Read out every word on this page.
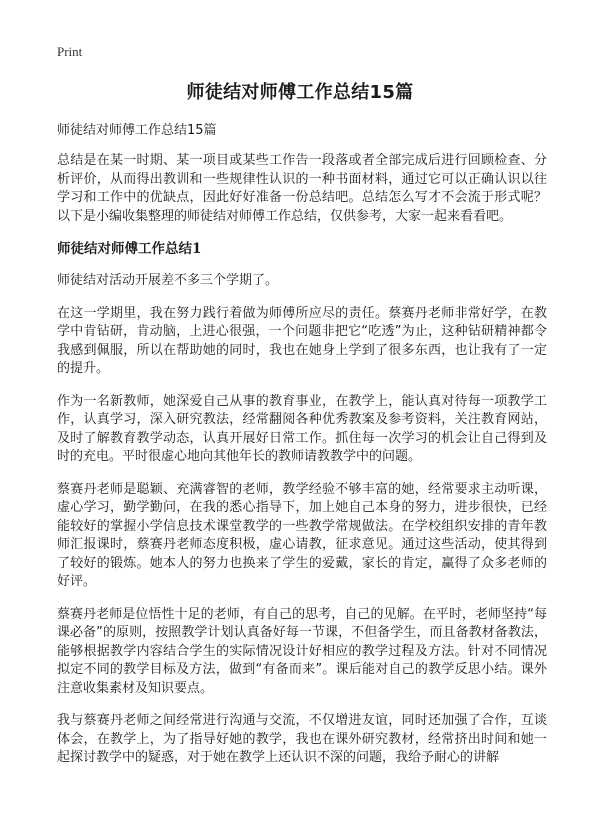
Print
师徒结对师傅工作总结15篇
师徒结对师傅工作总结15篇

总结是在某一时期、某一项目或某些工作告一段落或者全部完成后进行回顾检查、分析评价，从而得出教训和一些规律性认识的一种书面材料，通过它可以正确认识以往学习和工作中的优缺点，因此好好准备一份总结吧。总结怎么写才不会流于形式呢？以下是小编收集整理的师徒结对师傅工作总结，仅供参考，大家一起来看看吧。

师徒结对师傅工作总结1

师徒结对活动开展差不多三个学期了。

在这一学期里，我在努力践行着做为师傅所应尽的责任。蔡赛丹老师非常好学，在教学中肯钻研，肯动脑，上进心很强，一个问题非把它“吃透”为止，这种钻研精神都令我感到佩服，所以在帮助她的同时，我也在她身上学到了很多东西，也让我有了一定的提升。

作为一名新教师，她深爱自己从事的教育事业，在教学上，能认真对待每一项教学工作，认真学习，深入研究教法，经常翻阅各种优秀教案及参考资料，关注教育网站，及时了解教育教学动态，认真开展好日常工作。抓住每一次学习的机会让自己得到及时的充电。平时很虚心地向其他年长的教师请教教学中的问题。

蔡赛丹老师是聪颖、充满睿智的老师，教学经验不够丰富的她，经常要求主动听课，虚心学习，勤学勤问，在我的悉心指导下，加上她自己本身的努力，进步很快，已经能较好的掌握小学信息技术课堂教学的一些教学常规做法。在学校组织安排的青年教师汇报课时，蔡赛丹老师态度积极，虚心请教，征求意见。通过这些活动，使其得到了较好的锻炼。她本人的努力也换来了学生的爱戴，家长的肯定，赢得了众多老师的好评。

蔡赛丹老师是位悟性十足的老师，有自己的思考，自己的见解。在平时，老师坚持“每课必备”的原则，按照教学计划认真备好每一节课，不但备学生，而且备教材备教法，能够根据教学内容结合学生的实际情况设计好相应的教学过程及方法。针对不同情况拟定不同的教学目标及方法，做到“有备而来”。课后能对自己的教学反思小结。课外注意收集素材及知识要点。

我与蔡赛丹老师之间经常进行沟通与交流，不仅增进友谊，同时还加强了合作，互谈体会，在教学上，为了指导好她的教学，我也在课外研究教材，经常挤出时间和她一起探讨教学中的疑惑，对于她在教学上还认识不深的问题，我给予耐心的讲解
